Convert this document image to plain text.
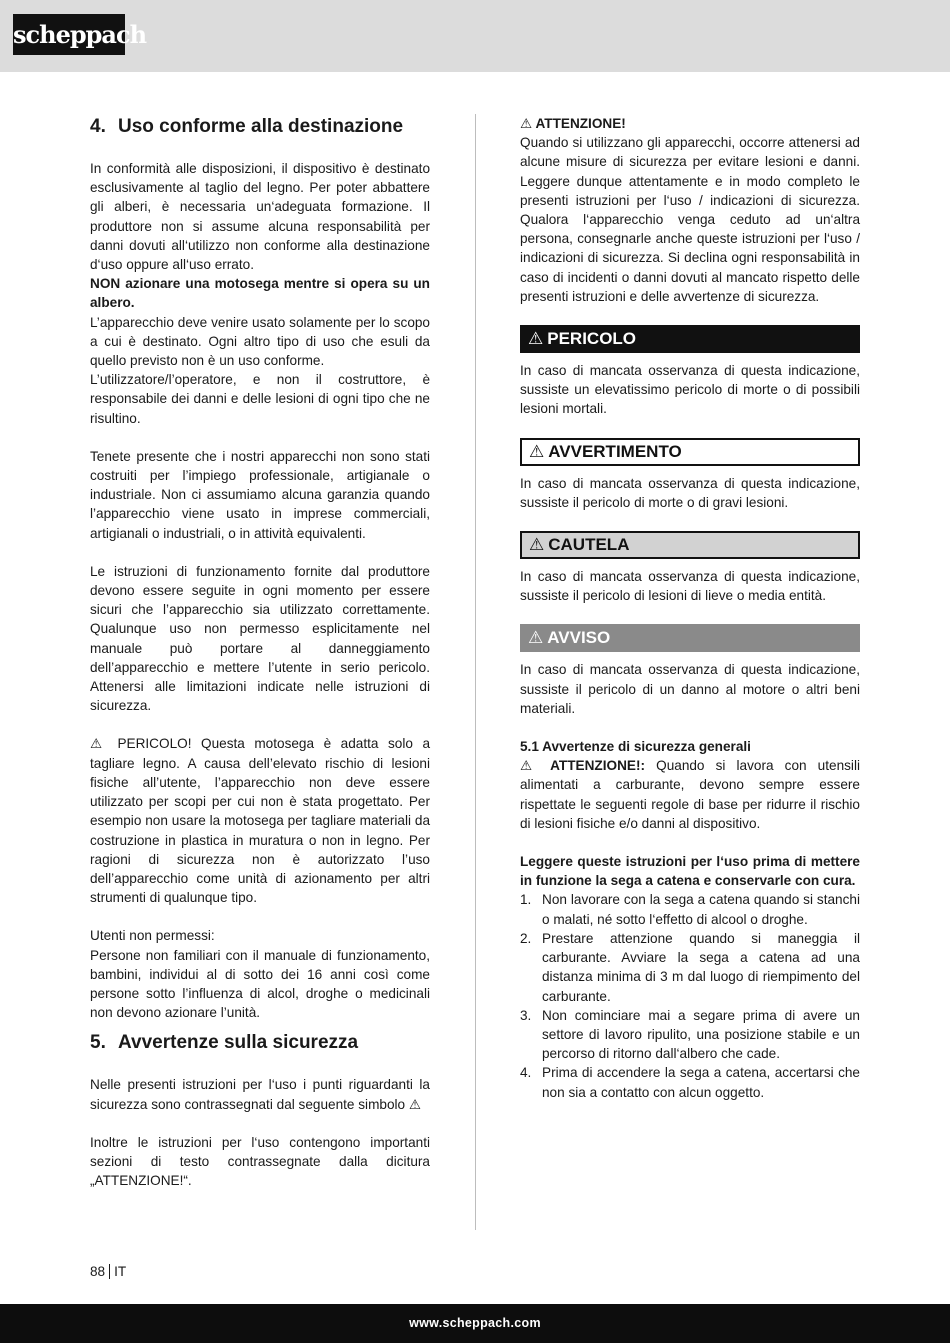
scheppach
4. Uso conforme alla destinazione

In conformità alle disposizioni, il dispositivo è destinato esclusivamente al taglio del legno. Per poter abbattere gli alberi, è necessaria un‘adeguata formazione. Il produttore non si assume alcuna responsabilità per danni dovuti all‘utilizzo non conforme alla destinazione d‘uso oppure all‘uso errato.

NON azionare una motosega mentre si opera su un albero.

L’apparecchio deve venire usato solamente per lo scopo a cui è destinato. Ogni altro tipo di uso che esuli da quello previsto non è un uso conforme.

L’utilizzatore/l’operatore, e non il costruttore, è responsabile dei danni e delle lesioni di ogni tipo che ne risultino.

Tenete presente che i nostri apparecchi non sono stati costruiti per l’impiego professionale, artigianale o industriale. Non ci assumiamo alcuna garanzia quando l’apparecchio viene usato in imprese commerciali, artigianali o industriali, o in attività equivalenti.

Le istruzioni di funzionamento fornite dal produttore devono essere seguite in ogni momento per essere sicuri che l’apparecchio sia utilizzato correttamente. Qualunque uso non permesso esplicitamente nel manuale può portare al danneggiamento dell’apparecchio e mettere l’utente in serio pericolo. Attenersi alle limitazioni indicate nelle istruzioni di sicurezza.

⚠ PERICOLO! Questa motosega è adatta solo a tagliare legno. A causa dell’elevato rischio di lesioni fisiche all’utente, l’apparecchio non deve essere utilizzato per scopi per cui non è stata progettato. Per esempio non usare la motosega per tagliare materiali da costruzione in plastica in muratura o non in legno. Per ragioni di sicurezza non è autorizzato l’uso dell’apparecchio come unità di azionamento per altri strumenti di qualunque tipo.

Utenti non permessi:

Persone non familiari con il manuale di funzionamento, bambini, individui al di sotto dei 16 anni così come persone sotto l’influenza di alcol, droghe o medicinali non devono azionare l’unità.

5. Avvertenze sulla sicurezza

Nelle presenti istruzioni per l‘uso i punti riguardanti la sicurezza sono contrassegnati dal seguente simbolo ⚠

Inoltre le istruzioni per l‘uso contengono importanti sezioni di testo contrassegnate dalla dicitura „ATTENZIONE!“.

⚠ ATTENZIONE!

Quando si utilizzano gli apparecchi, occorre attenersi ad alcune misure di sicurezza per evitare lesioni e danni. Leggere dunque attentamente e in modo completo le presenti istruzioni per l‘uso / indicazioni di sicurezza. Qualora l‘apparecchio venga ceduto ad un‘altra persona, consegnarle anche queste istruzioni per l‘uso / indicazioni di sicurezza. Si declina ogni responsabilità in caso di incidenti o danni dovuti al mancato rispetto delle presenti istruzioni e delle avvertenze di sicurezza.

⚠ PERICOLO

In caso di mancata osservanza di questa indicazione, sussiste un elevatissimo pericolo di morte o di possibili lesioni mortali.

⚠ AVVERTIMENTO

In caso di mancata osservanza di questa indicazione, sussiste il pericolo di morte o di gravi lesioni.

⚠ CAUTELA

In caso di mancata osservanza di questa indicazione, sussiste il pericolo di lesioni di lieve o media entità.

⚠ AVVISO

In caso di mancata osservanza di questa indicazione, sussiste il pericolo di un danno al motore o altri beni materiali.

5.1 Avvertenze di sicurezza generali

⚠ ATTENZIONE!: Quando si lavora con utensili alimentati a carburante, devono sempre essere rispettate le seguenti regole di base per ridurre il rischio di lesioni fisiche e/o danni al dispositivo.

Leggere queste istruzioni per l‘uso prima di mettere in funzione la sega a catena e conservarle con cura.

1. Non lavorare con la sega a catena quando si stanchi o malati, né sotto l‘effetto di alcool o droghe.
2. Prestare attenzione quando si maneggia il carburante. Avviare la sega a catena ad una distanza minima di 3 m dal luogo di riempimento del carburante.
3. Non cominciare mai a segare prima di avere un settore di lavoro ripulito, una posizione stabile e un percorso di ritorno dall‘albero che cade.
4. Prima di accendere la sega a catena, accertarsi che non sia a contatto con alcun oggetto.
88 IT
www.scheppach.com
